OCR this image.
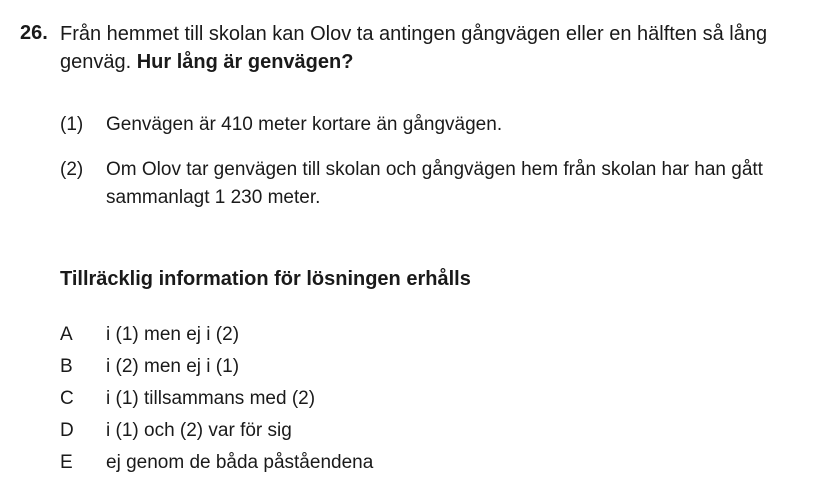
26. Från hemmet till skolan kan Olov ta antingen gångvägen eller en hälften så lång
genväg. Hur lång är genvägen?
(1) Genvägen är 410 meter kortare än gångvägen.
(2) Om Olov tar genvägen till skolan och gångvägen hem från skolan har han gått
sammanlagt 1 230 meter.
Tillräcklig information för lösningen erhålls
A i (1) men ej i (2)
B i (2) men ej i (1)
C i (1) tillsammans med (2)
D i (1) och (2) var för sig
E ej genom de båda påståendena
